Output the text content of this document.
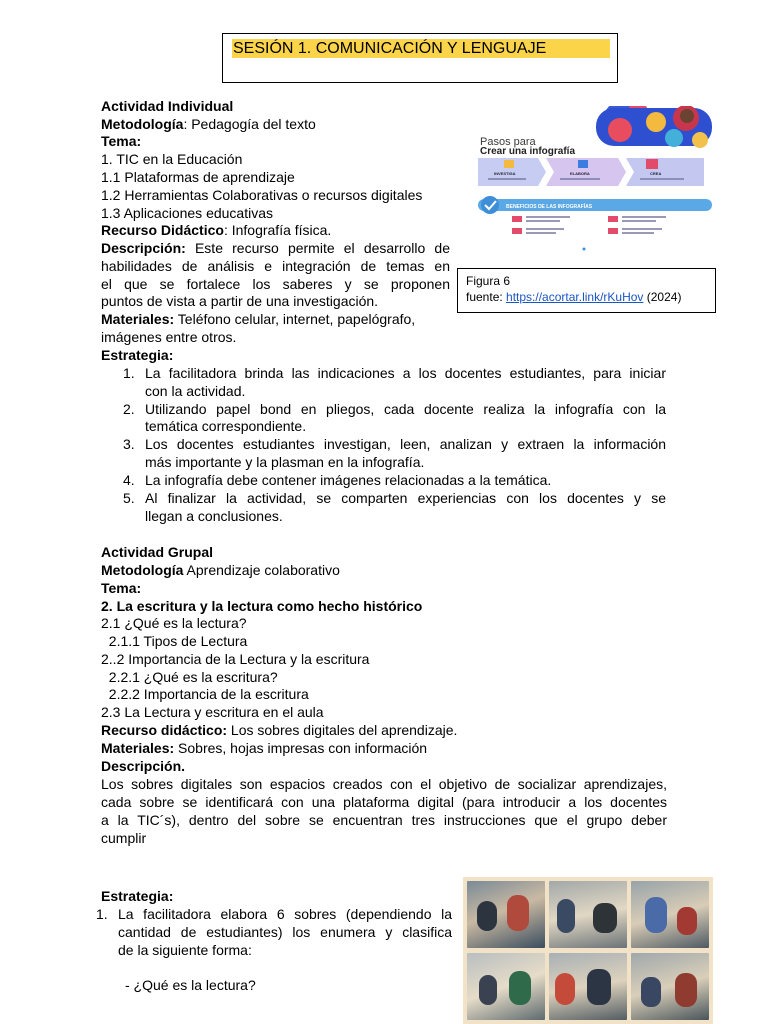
SESIÓN 1. COMUNICACIÓN Y LENGUAJE
Actividad Individual
Metodología: Pedagogía del texto
Tema:
1. TIC en la Educación
1.1 Plataformas de aprendizaje
1.2 Herramientas Colaborativas o recursos digitales
1.3 Aplicaciones educativas
Recurso Didáctico: Infografía física.
Descripción: Este recurso permite el desarrollo de
habilidades de análisis e integración de temas en
el que se fortalece los saberes y se proponen
puntos de vista a partir de una investigación.
Materiales: Teléfono celular, internet, papelógrafo,
imágenes entre otros.
Estrategia:
1. La facilitadora brinda las indicaciones a los docentes estudiantes, para iniciar
con la actividad.
2. Utilizando papel bond en pliegos, cada docente realiza la infografía con la
temática correspondiente.
3. Los docentes estudiantes investigan, leen, analizan y extraen la información
más importante y la plasman en la infografía.
4. La infografía debe contener imágenes relacionadas a la temática.
5. Al finalizar la actividad, se comparten experiencias con los docentes y se
llegan a conclusiones.
Pasos para
Crear una infografía
INVESTIGA	ELABORA	CREA
BENEFICIOS DE LAS INFOGRAFÍAS
Figura 6
fuente: https://acortar.link/rKuHov (2024)
Actividad Grupal
Metodología Aprendizaje colaborativo
Tema:
2. La escritura y la lectura como hecho histórico
2.1 ¿Qué es la lectura?
2.1.1 Tipos de Lectura
2..2 Importancia de la Lectura y la escritura
2.2.1 ¿Qué es la escritura?
2.2.2 Importancia de la escritura
2.3 La Lectura y escritura en el aula
Recurso didáctico: Los sobres digitales del aprendizaje.
Materiales: Sobres, hojas impresas con información
Descripción.
Los sobres digitales son espacios creados con el objetivo de socializar aprendizajes,
cada sobre se identificará con una plataforma digital (para introducir a los docentes
a la TIC´s), dentro del sobre se encuentran tres instrucciones que el grupo deber
cumplir
Estrategia:
1. La facilitadora elabora 6 sobres (dependiendo la
cantidad de estudiantes) los enumera y clasifica
de la siguiente forma:
- ¿Qué es la lectura?
